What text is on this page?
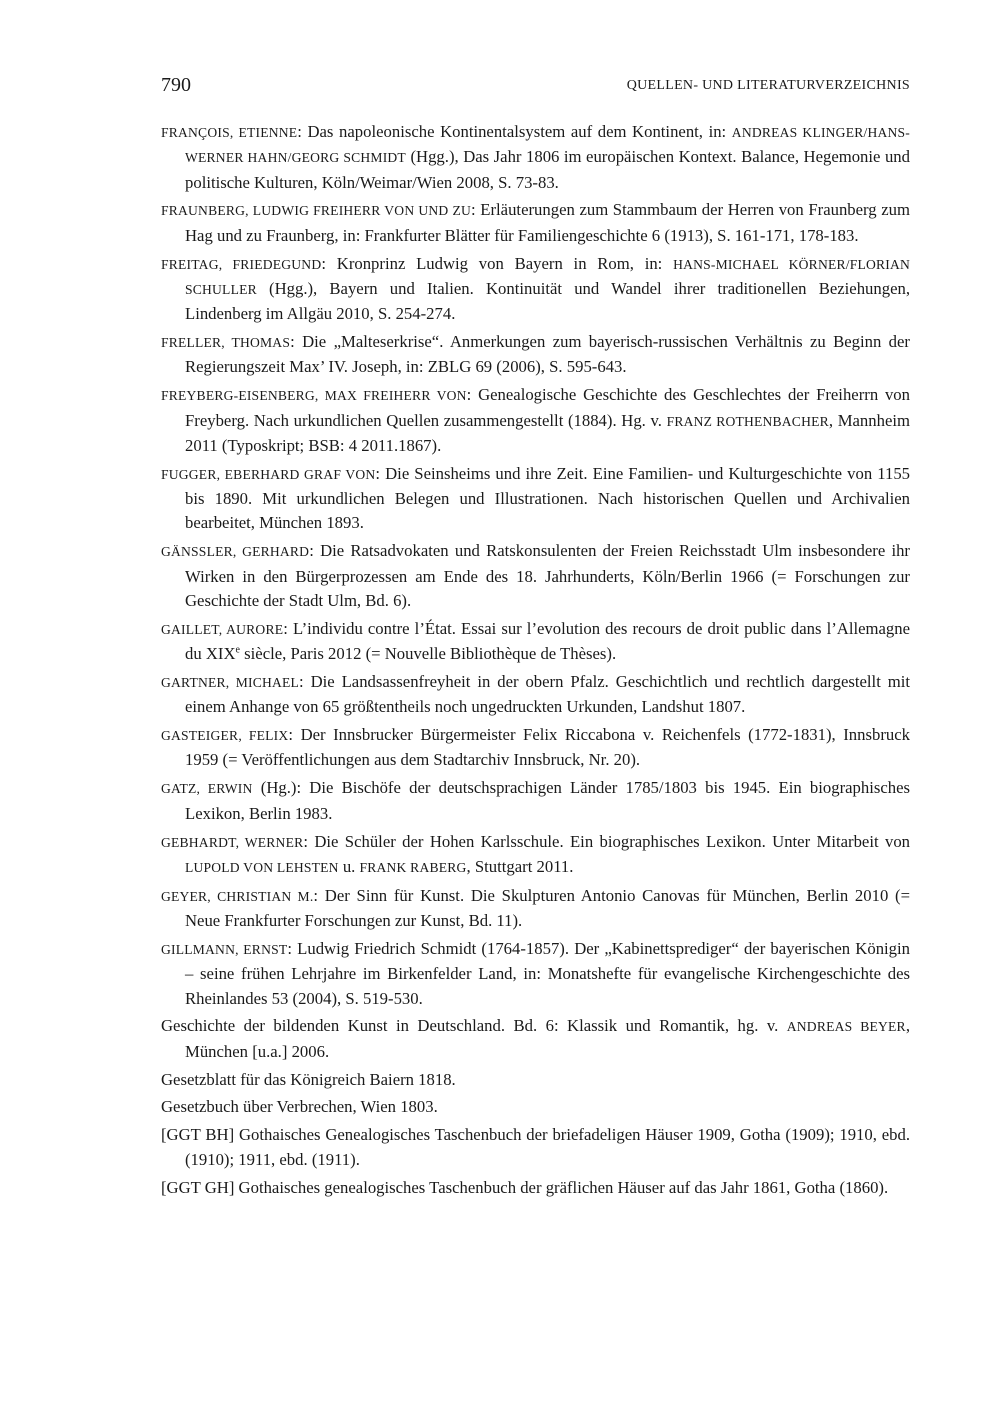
790	QUELLEN- UND LITERATURVERZEICHNIS
FRANÇOIS, ETIENNE: Das napoleonische Kontinentalsystem auf dem Kontinent, in: ANDREAS KLINGER/HANS-WERNER HAHN/GEORG SCHMIDT (Hgg.), Das Jahr 1806 im europäischen Kontext. Balance, Hegemonie und politische Kulturen, Köln/Weimar/Wien 2008, S. 73-83.
FRAUNBERG, LUDWIG FREIHERR VON UND ZU: Erläuterungen zum Stammbaum der Herren von Fraunberg zum Hag und zu Fraunberg, in: Frankfurter Blätter für Familiengeschichte 6 (1913), S. 161-171, 178-183.
FREITAG, FRIEDEGUND: Kronprinz Ludwig von Bayern in Rom, in: HANS-MICHAEL KÖRNER/FLORIAN SCHULLER (Hgg.), Bayern und Italien. Kontinuität und Wandel ihrer traditionellen Beziehungen, Lindenberg im Allgäu 2010, S. 254-274.
FRELLER, THOMAS: Die „Malteserkrise“. Anmerkungen zum bayerisch-russischen Verhältnis zu Beginn der Regierungszeit Max’ IV. Joseph, in: ZBLG 69 (2006), S. 595-643.
FREYBERG-EISENBERG, MAX FREIHERR VON: Genealogische Geschichte des Geschlechtes der Freiherrn von Freyberg. Nach urkundlichen Quellen zusammengestellt (1884). Hg. v. FRANZ ROTHENBACHER, Mannheim 2011 (Typoskript; BSB: 4 2011.1867).
FUGGER, EBERHARD GRAF VON: Die Seinsheims und ihre Zeit. Eine Familien- und Kulturgeschichte von 1155 bis 1890. Mit urkundlichen Belegen und Illustrationen. Nach historischen Quellen und Archivalien bearbeitet, München 1893.
GÄNSSLER, GERHARD: Die Ratsadvokaten und Ratskonsulenten der Freien Reichsstadt Ulm insbesondere ihr Wirken in den Bürgerprozessen am Ende des 18. Jahrhunderts, Köln/Berlin 1966 (= Forschungen zur Geschichte der Stadt Ulm, Bd. 6).
GAILLET, AURORE: L’individu contre l’État. Essai sur l’evolution des recours de droit public dans l’Allemagne du XIXe siècle, Paris 2012 (= Nouvelle Bibliothèque de Thèses).
GARTNER, MICHAEL: Die Landsassenfreyheit in der obern Pfalz. Geschichtlich und rechtlich dargestellt mit einem Anhange von 65 größtentheils noch ungedruckten Urkunden, Landshut 1807.
GASTEIGER, FELIX: Der Innsbrucker Bürgermeister Felix Riccabona v. Reichenfels (1772-1831), Innsbruck 1959 (= Veröffentlichungen aus dem Stadtarchiv Innsbruck, Nr. 20).
GATZ, ERWIN (Hg.): Die Bischöfe der deutschsprachigen Länder 1785/1803 bis 1945. Ein biographisches Lexikon, Berlin 1983.
GEBHARDT, WERNER: Die Schüler der Hohen Karlsschule. Ein biographisches Lexikon. Unter Mitarbeit von LUPOLD VON LEHSTEN u. FRANK RABERG, Stuttgart 2011.
GEYER, CHRISTIAN M.: Der Sinn für Kunst. Die Skulpturen Antonio Canovas für München, Berlin 2010 (= Neue Frankfurter Forschungen zur Kunst, Bd. 11).
GILLMANN, ERNST: Ludwig Friedrich Schmidt (1764-1857). Der „Kabinettsprediger“ der bayerischen Königin – seine frühen Lehrjahre im Birkenfelder Land, in: Monatshefte für evangelische Kirchengeschichte des Rheinlandes 53 (2004), S. 519-530.
Geschichte der bildenden Kunst in Deutschland. Bd. 6: Klassik und Romantik, hg. v. ANDREAS BEYER, München [u.a.] 2006.
Gesetzblatt für das Königreich Baiern 1818.
Gesetzbuch über Verbrechen, Wien 1803.
[GGT BH] Gothaisches Genealogisches Taschenbuch der briefadeligen Häuser 1909, Gotha (1909); 1910, ebd. (1910); 1911, ebd. (1911).
[GGT GH] Gothaisches genealogisches Taschenbuch der gräflichen Häuser auf das Jahr 1861, Gotha (1860).
